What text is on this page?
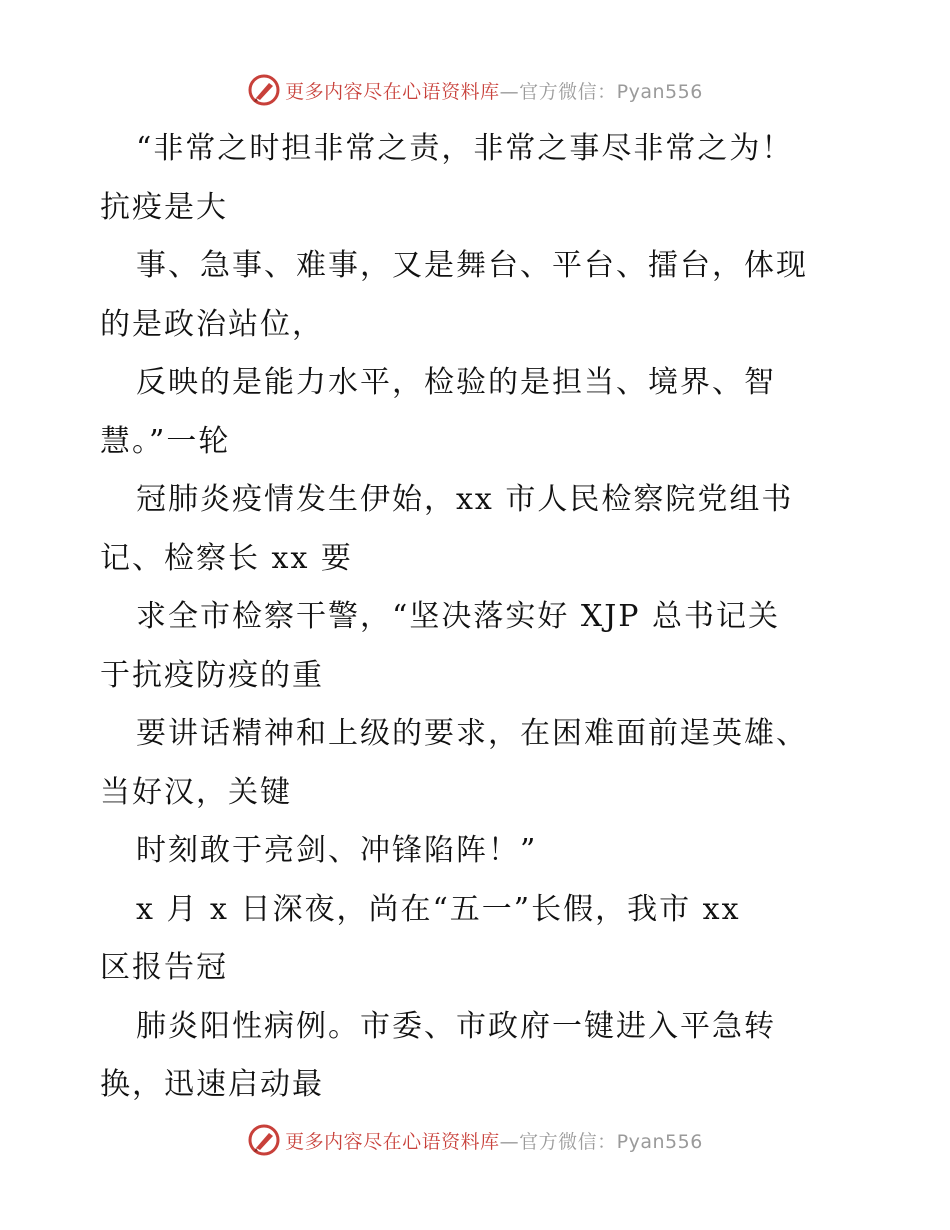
更多内容尽在心语资料库—官方微信：Pyan556
“非常之时担非常之责，非常之事尽非常之为！
抗疫是大
事、急事、难事，又是舞台、平台、擂台，体现
的是政治站位，
反映的是能力水平，检验的是担当、境界、智
慧。”一轮
冠肺炎疫情发生伊始，xx 市人民检察院党组书
记、检察长 xx 要
求全市检察干警，“坚决落实好 XJP 总书记关
于抗疫防疫的重
要讲话精神和上级的要求，在困难面前逞英雄、
当好汉，关键
时刻敢于亮剑、冲锋陷阵！”
x 月 x 日深夜，尚在“五一”长假，我市 xx
区报告冠
肺炎阳性病例。市委、市政府一键进入平急转
换，迅速启动最
更多内容尽在心语资料库—官方微信：Pyan556
